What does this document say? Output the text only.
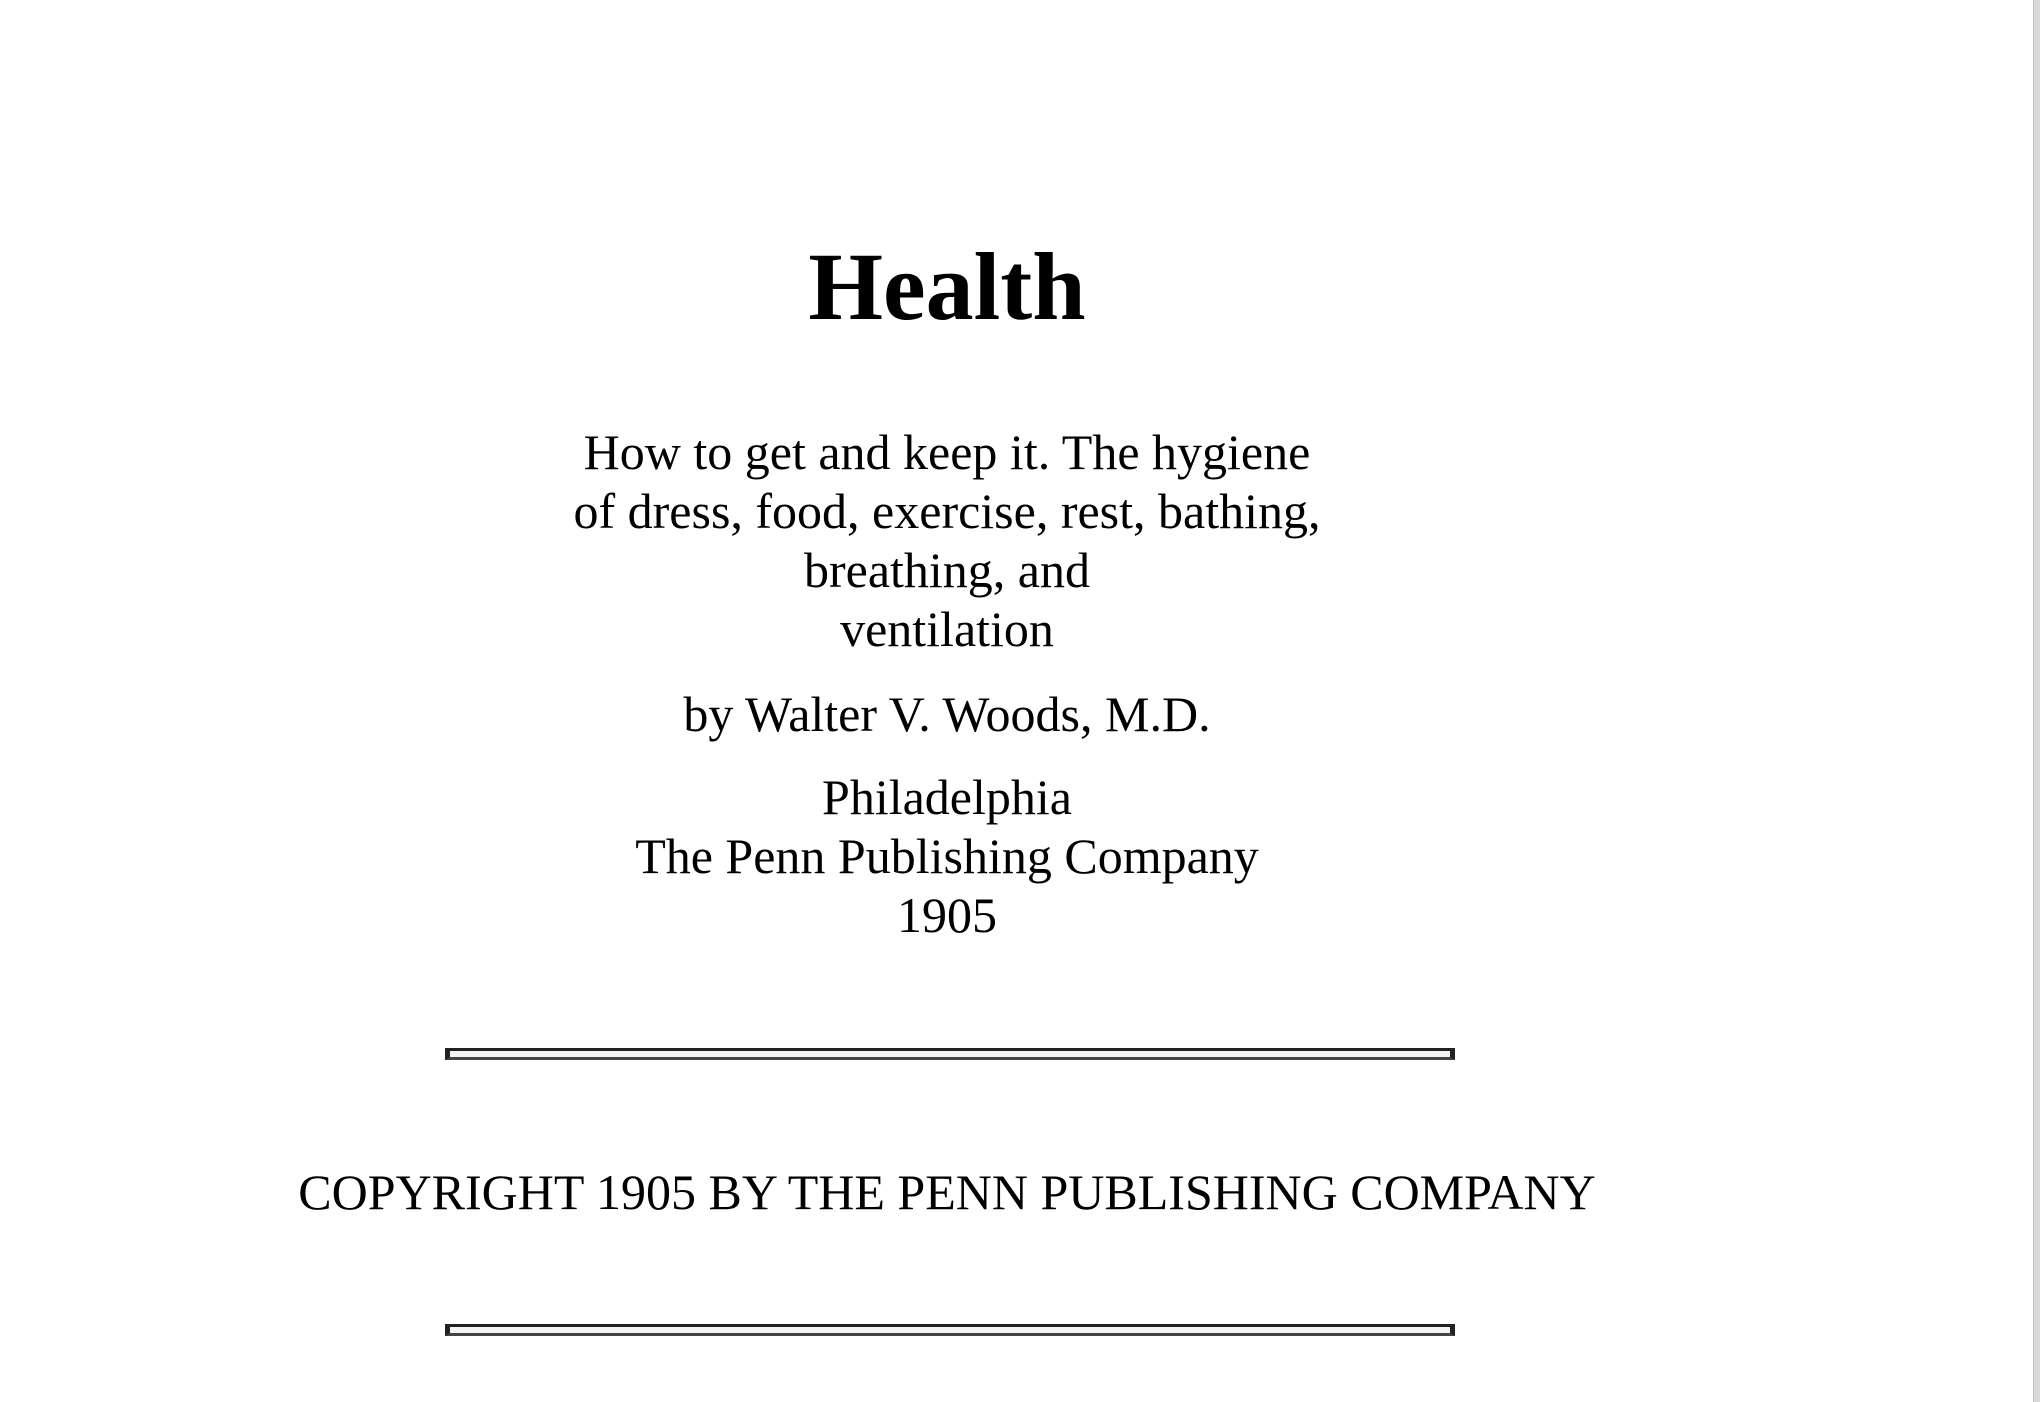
Health
How to get and keep it. The hygiene
of dress, food, exercise, rest, bathing,
breathing, and
ventilation
by Walter V. Woods, M.D.
Philadelphia
The Penn Publishing Company
1905
COPYRIGHT 1905 BY THE PENN PUBLISHING COMPANY
